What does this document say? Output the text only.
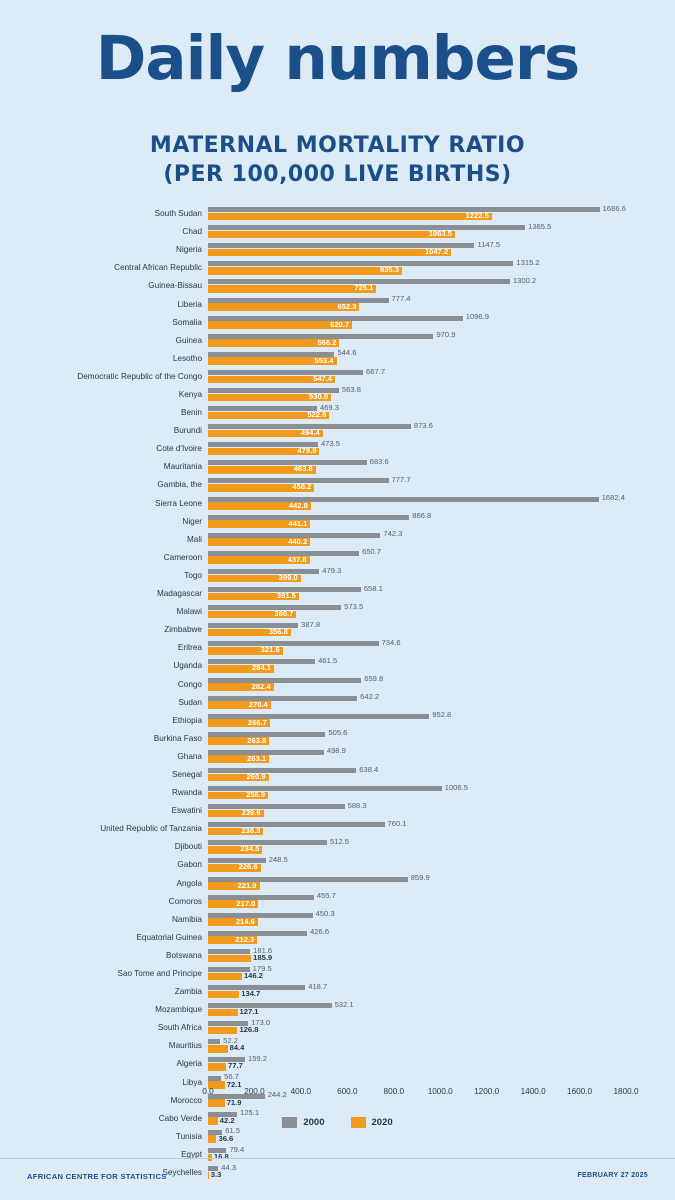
Daily numbers
MATERNAL MORTALITY RATIO
(PER 100,000 LIVE BIRTHS)
South Sudan
1686.6
1222.5
Chad
1365.5
1063.5
Nigeria
1147.5
1047.2
Central African Republic
1315.2
835.3
Guinea-Bissau
1300.2
725.1
Liberia
777.4
652.3
Somalia
1096.9
620.7
Guinea
970.9
566.2
Lesotho
544.6
553.4
Democratic Republic of the Congo
667.7
547.4
Kenya
563.8
530.0
Benin
469.3
522.6
Burundi
873.6
494.4
Cote d'Ivoire
473.5
479.9
Mauritania
683.6
463.8
Gambia, the
777.7
458.2
Sierra Leone
1682.4
442.8
Niger
866.8
441.1
Mali
742.3
440.2
Cameroon
650.7
437.8
Togo
479.3
399.0
Madagascar
658.1
391.5
Malawi
573.5
380.7
Zimbabwe
387.8
356.8
Eritrea
734.6
321.6
Uganda
461.5
284.1
Congo
659.8
282.4
Sudan
642.2
270.4
Ethiopia
952.8
266.7
Burkina Faso
505.6
263.8
Ghana
498.9
263.1
Senegal
638.4
260.9
Rwanda
1006.5
258.9
Eswatini
588.3
239.6
United Republic of Tanzania
760.1
238.3
Djibouti
512.5
234.5
Gabon
248.5
226.6
Angola
859.9
221.9
Comoros
455.7
217.0
Namibia
450.3
214.6
Equatorial Guinea
426.6
212.3
Botswana
181.6
185.9
Sao Tome and Principe
179.5
146.2
Zambia
418.7
134.7
Mozambique
532.1
127.1
South Africa
173.0
126.8
Mauritius
52.2
84.4
Algeria
159.2
77.7
Libya
56.7
72.1
Morocco
244.2
71.9
Cabo Verde
125.1
42.2
Tunisia
61.5
36.6
Egypt
79.4
16.8
Seychelles
44.3
3.3
0.0	200.0	400.0	600.0	800.0	1000.0	1200.0	1400.0	1600.0	1800.0
2000	2020
AFRICAN CENTRE FOR STATISTICS	FEBRUARY 27 2025
